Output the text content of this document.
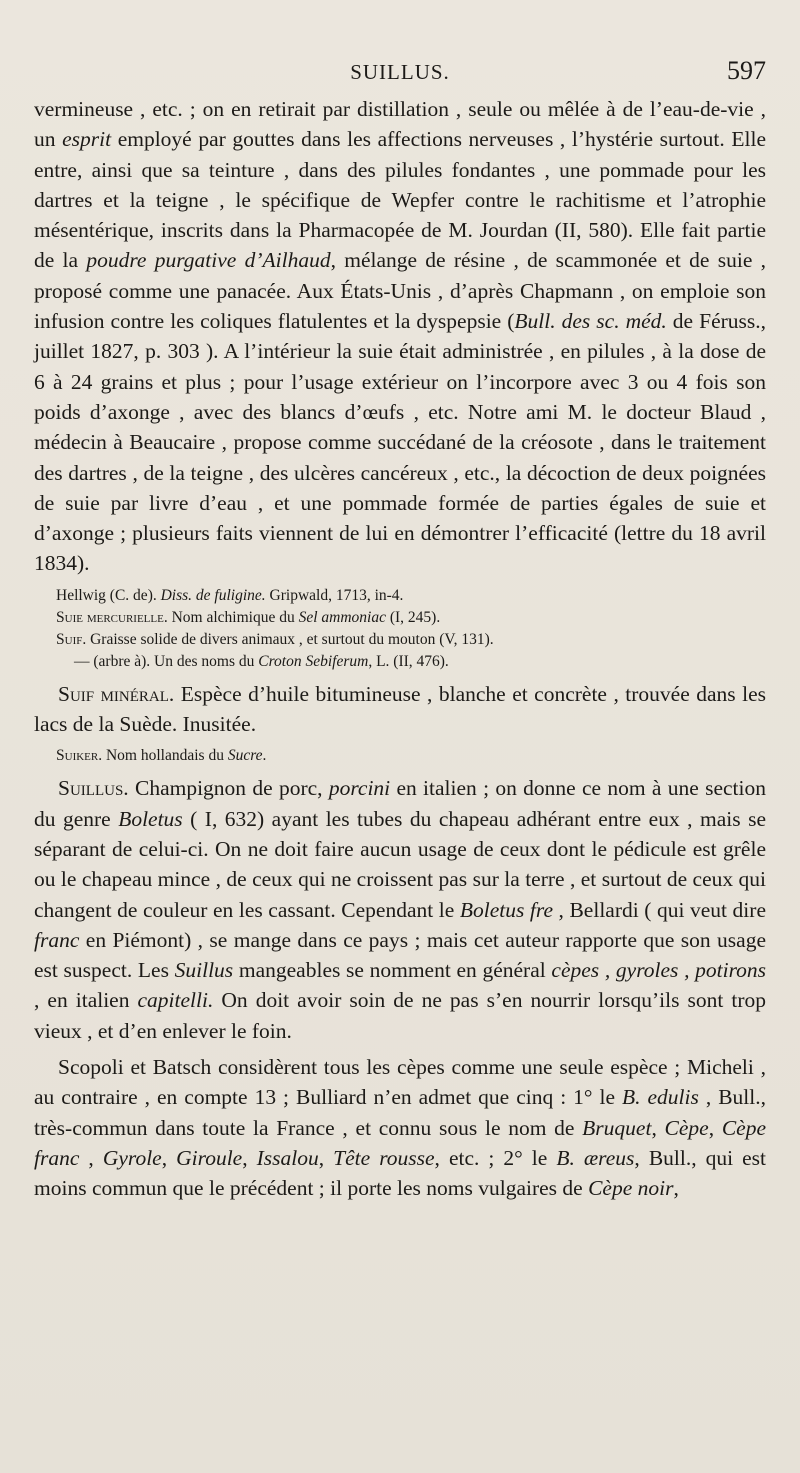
SUILLUS.	597

vermineuse , etc. ; on en retirait par distillation , seule ou mêlée à de l’eau-de-vie , un esprit employé par gouttes dans les affections nerveuses , l’hystérie surtout. Elle entre, ainsi que sa teinture , dans des pilules fondantes , une pommade pour les dartres et la teigne , le spécifique de Wepfer contre le rachitisme et l’atrophie mésentérique, inscrits dans la Pharmacopée de M. Jourdan (II, 580). Elle fait partie de la poudre purgative d’Ailhaud, mélange de résine , de scammonée et de suie , proposé comme une panacée. Aux États-Unis , d’après Chapmann , on emploie son infusion contre les coliques flatulentes et la dyspepsie (Bull. des sc. méd. de Féruss., juillet 1827, p. 303 ). A l’intérieur la suie était administrée , en pilules , à la dose de 6 à 24 grains et plus ; pour l’usage extérieur on l’incorpore avec 3 ou 4 fois son poids d’axonge , avec des blancs d’œufs , etc. Notre ami M. le docteur Blaud , médecin à Beaucaire , propose comme succédané de la créosote , dans le traitement des dartres , de la teigne , des ulcères cancéreux , etc., la décoction de deux poignées de suie par livre d’eau , et une pommade formée de parties égales de suie et d’axonge ; plusieurs faits viennent de lui en démontrer l’efficacité (lettre du 18 avril 1834).

Hellwig (C. de). Diss. de fuligine. Gripwald, 1713, in-4.

Suie mercurielle. Nom alchimique du Sel ammoniac (I, 245).

Suif. Graisse solide de divers animaux , et surtout du mouton (V, 131).

— (arbre à). Un des noms du Croton Sebiferum, L. (II, 476).

Suif minéral. Espèce d’huile bitumineuse , blanche et concrète , trouvée dans les lacs de la Suède. Inusitée.

Suiker. Nom hollandais du Sucre.

Suillus. Champignon de porc, porcini en italien ; on donne ce nom à une section du genre Boletus ( I, 632) ayant les tubes du chapeau adhérant entre eux , mais se séparant de celui-ci. On ne doit faire aucun usage de ceux dont le pédicule est grêle ou le chapeau mince , de ceux qui ne croissent pas sur la terre , et surtout de ceux qui changent de couleur en les cassant. Cependant le Boletus fre , Bellardi ( qui veut dire franc en Piémont) , se mange dans ce pays ; mais cet auteur rapporte que son usage est suspect. Les Suillus mangeables se nomment en général cèpes , gyroles , potirons , en italien capitelli. On doit avoir soin de ne pas s’en nourrir lorsqu’ils sont trop vieux , et d’en enlever le foin.

Scopoli et Batsch considèrent tous les cèpes comme une seule espèce ; Micheli , au contraire , en compte 13 ; Bulliard n’en admet que cinq : 1° le B. edulis , Bull., très-commun dans toute la France , et connu sous le nom de Bruquet, Cèpe, Cèpe franc , Gyrole, Giroule, Issalou, Tête rousse, etc. ; 2° le B. æreus, Bull., qui est moins commun que le précédent ; il porte les noms vulgaires de Cèpe noir,
